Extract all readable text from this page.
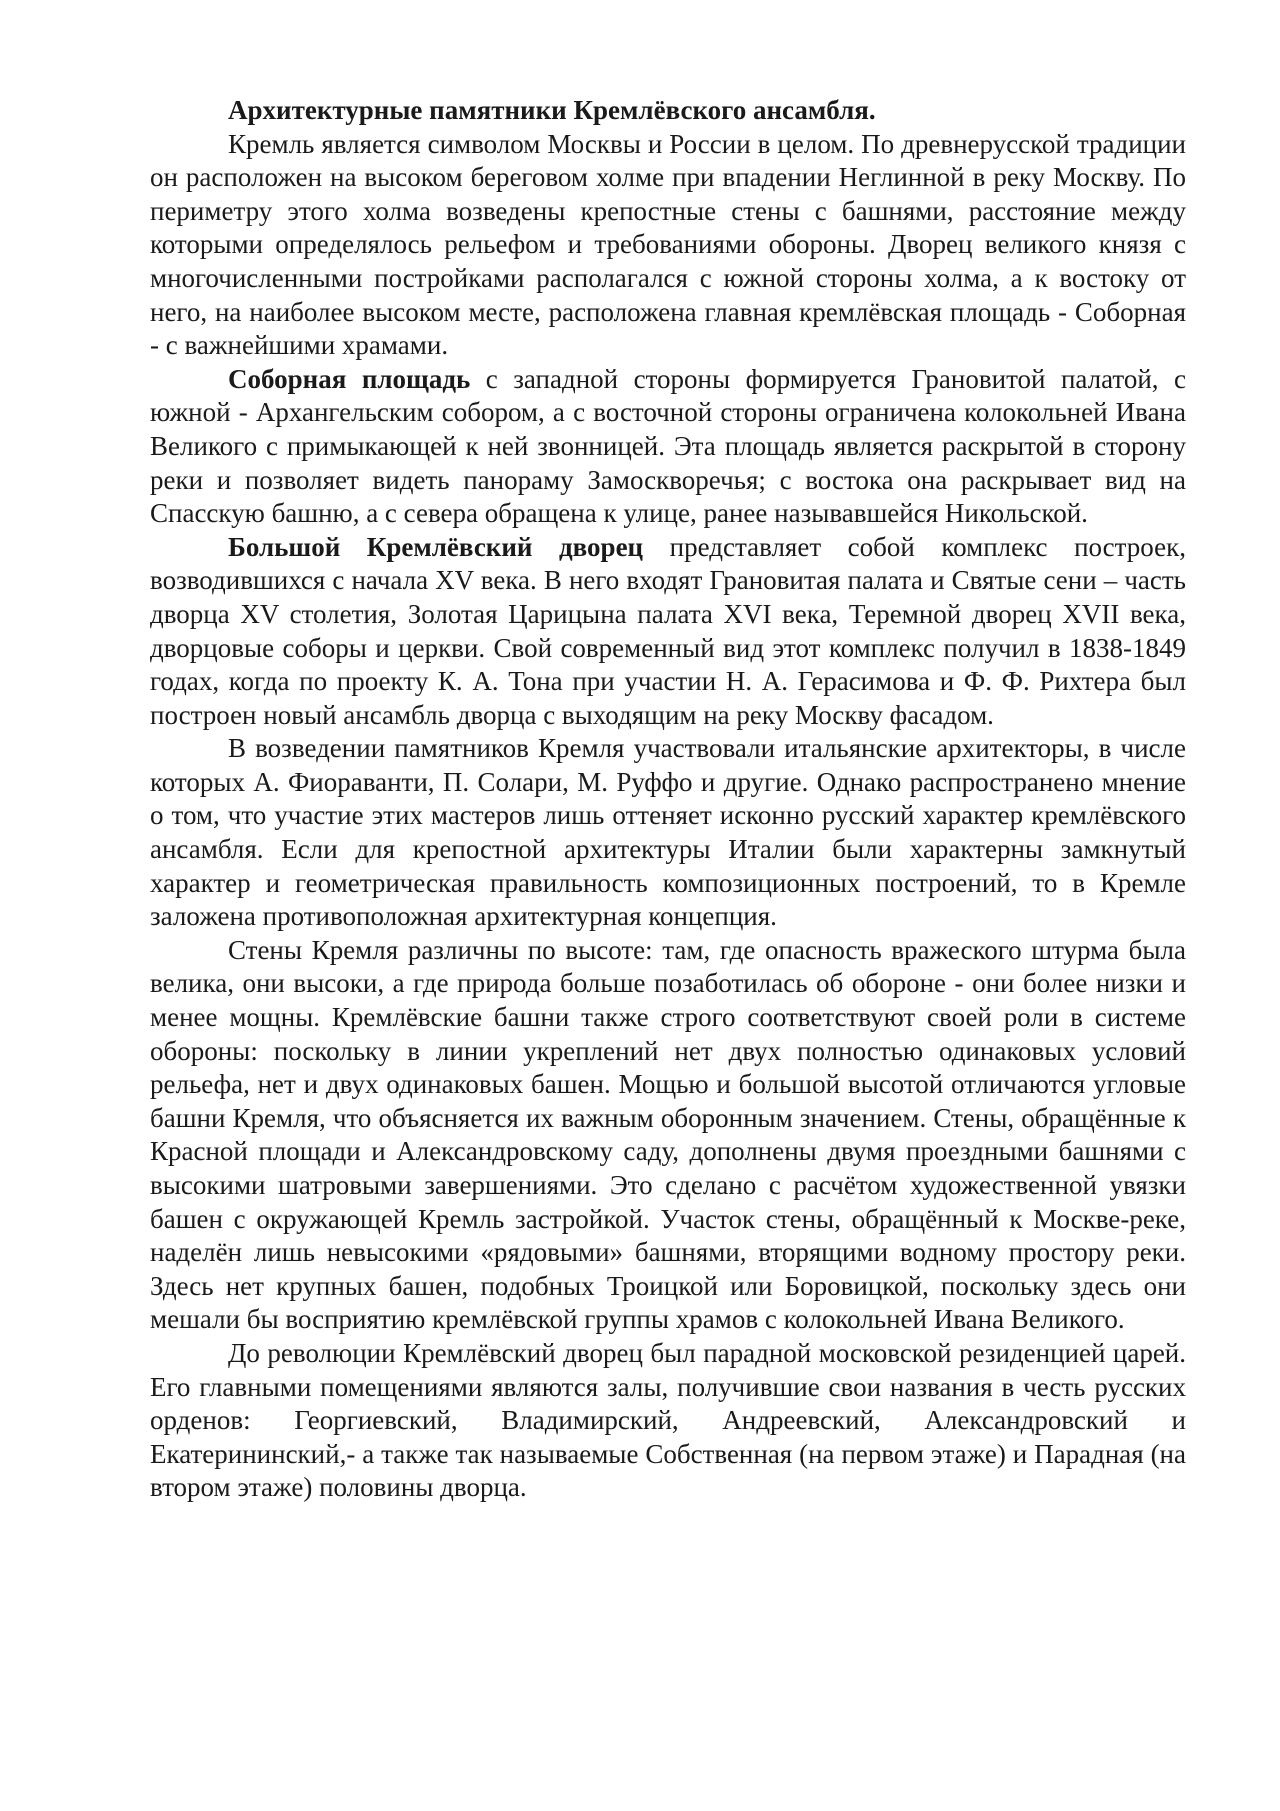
Архитектурные памятники Кремлёвского ансамбля.

Кремль является символом Москвы и России в целом. По древнерусской традиции он расположен на высоком береговом холме при впадении Неглинной в реку Москву. По периметру этого холма возведены крепостные стены с башнями, расстояние между которыми определялось рельефом и требованиями обороны. Дворец великого князя с многочисленными постройками располагался с южной стороны холма, а к востоку от него, на наиболее высоком месте, расположена главная кремлёвская площадь - Соборная - с важнейшими храмами.

Соборная площадь с западной стороны формируется Грановитой палатой, с южной - Архангельским собором, а с восточной стороны ограничена колокольней Ивана Великого с примыкающей к ней звонницей. Эта площадь является раскрытой в сторону реки и позволяет видеть панораму Замоскворечья; с востока она раскрывает вид на Спасскую башню, а с севера обращена к улице, ранее называвшейся Никольской.

Большой Кремлёвский дворец представляет собой комплекс построек, возводившихся с начала XV века. В него входят Грановитая палата и Святые сени – часть дворца XV столетия, Золотая Царицына палата XVI века, Теремной дворец XVII века, дворцовые соборы и церкви. Свой современный вид этот комплекс получил в 1838-1849 годах, когда по проекту К. А. Тона при участии Н. А. Герасимова и Ф. Ф. Рихтера был построен новый ансамбль дворца с выходящим на реку Москву фасадом.

В возведении памятников Кремля участвовали итальянские архитекторы, в числе которых А. Фиораванти, П. Солари, М. Руффо и другие. Однако распространено мнение о том, что участие этих мастеров лишь оттеняет исконно русский характер кремлёвского ансамбля. Если для крепостной архитектуры Италии были характерны замкнутый характер и геометрическая правильность композиционных построений, то в Кремле заложена противоположная архитектурная концепция.

Стены Кремля различны по высоте: там, где опасность вражеского штурма была велика, они высоки, а где природа больше позаботилась об обороне - они более низки и менее мощны. Кремлёвские башни также строго соответствуют своей роли в системе обороны: поскольку в линии укреплений нет двух полностью одинаковых условий рельефа, нет и двух одинаковых башен. Мощью и большой высотой отличаются угловые башни Кремля, что объясняется их важным оборонным значением. Стены, обращённые к Красной площади и Александровскому саду, дополнены двумя проездными башнями с высокими шатровыми завершениями. Это сделано с расчётом художественной увязки башен с окружающей Кремль застройкой. Участок стены, обращённый к Москве-реке, наделён лишь невысокими «рядовыми» башнями, вторящими водному простору реки. Здесь нет крупных башен, подобных Троицкой или Боровицкой, поскольку здесь они мешали бы восприятию кремлёвской группы храмов с колокольней Ивана Великого.

До революции Кремлёвский дворец был парадной московской резиденцией царей. Его главными помещениями являются залы, получившие свои названия в честь русских орденов: Георгиевский, Владимирский, Андреевский, Александровский и Екатерининский,- а также так называемые Собственная (на первом этаже) и Парадная (на втором этаже) половины дворца.
